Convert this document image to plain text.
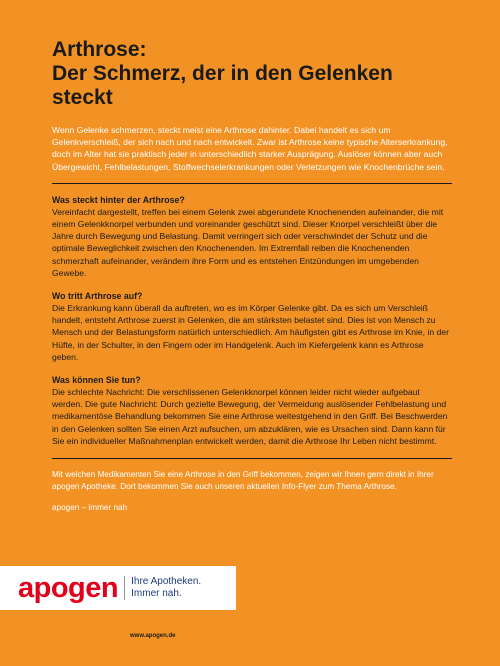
Arthrose:
Der Schmerz, der in den Gelenken steckt

Wenn Gelenke schmerzen, steckt meist eine Arthrose dahinter. Dabei handelt es sich um Gelenkverschleiß, der sich nach und nach entwickelt. Zwar ist Arthrose keine typische Alterserkrankung, doch im Alter hat sie praktisch jeder in unterschiedlich starker Ausprägung. Auslöser können aber auch Übergewicht, Fehlbelastungen, Stoffwechselerkrankungen oder Verletzungen wie Knochenbrüche sein.

Was steckt hinter der Arthrose?

Vereinfacht dargestellt, treffen bei einem Gelenk zwei abgerundete Knochenenden aufeinander, die mit einem Gelenkknorpel verbunden und voreinander geschützt sind. Dieser Knorpel verschleißt über die Jahre durch Bewegung und Belastung. Damit verringert sich oder verschwindet der Schutz und die optimale Beweglichkeit zwischen den Knochenenden. Im Extremfall reiben die Knochenenden schmerzhaft aufeinander, verändern ihre Form und es entstehen Entzündungen im umgebenden Gewebe.

Wo tritt Arthrose auf?

Die Erkrankung kann überall da auftreten, wo es im Körper Gelenke gibt. Da es sich um Verschleiß handelt, entsteht Arthrose zuerst in Gelenken, die am stärksten belastet sind. Dies ist von Mensch zu Mensch und der Belastungsform natürlich unterschiedlich. Am häufigsten gibt es Arthrose im Knie, in der Hüfte, in der Schulter, in den Fingern oder im Handgelenk. Auch im Kiefergelenk kann es Arthrose geben.

Was können Sie tun?

Die schlechte Nachricht: Die verschlissenen Gelenkknorpel können leider nicht wieder aufgebaut werden. Die gute Nachricht: Durch gezielte Bewegung, der Vermeidung auslösender Fehlbelastung und medikamentöse Behandlung bekommen Sie eine Arthrose weitestgehend in den Griff. Bei Beschwerden in den Gelenken sollten Sie einen Arzt aufsuchen, um abzuklären, wie es Ursachen sind. Dann kann für Sie ein individueller Maßnahmenplan entwickelt werden, damit die Arthrose Ihr Leben nicht bestimmt.

Mit welchen Medikamenten Sie eine Arthrose in den Griff bekommen, zeigen wir Ihnen gern direkt in Ihrer apogen Apotheke. Dort bekommen Sie auch unseren aktuellen Info-Flyer zum Thema Arthrose.

apogen – immer nah

apogen Ihre Apotheken.
Immer nah.
www.apogen.de
